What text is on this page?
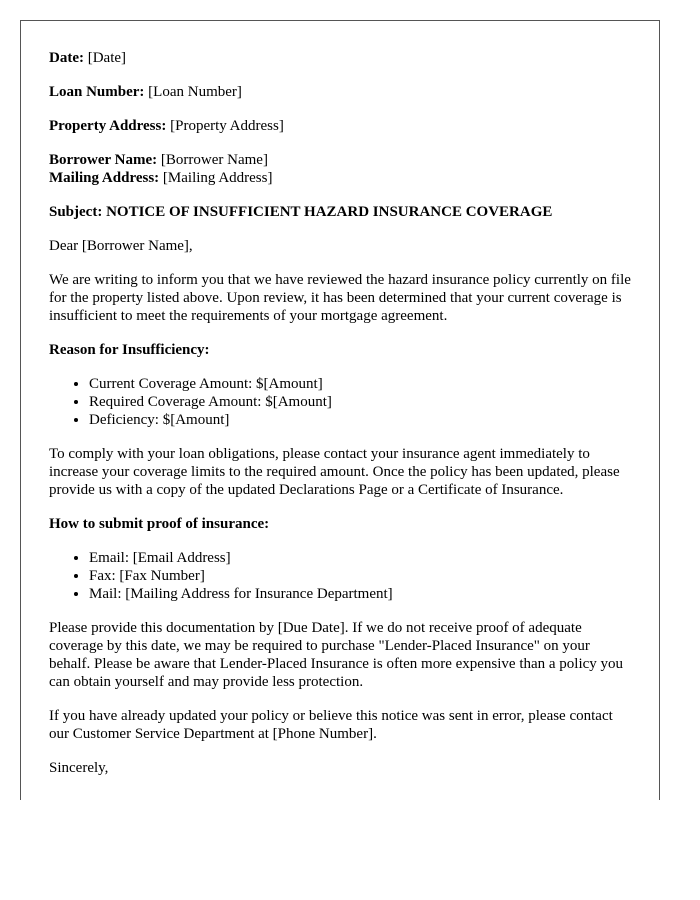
Date: [Date]

Loan Number: [Loan Number]

Property Address: [Property Address]

Borrower Name: [Borrower Name]
Mailing Address: [Mailing Address]

Subject: NOTICE OF INSUFFICIENT HAZARD INSURANCE COVERAGE

Dear [Borrower Name],

We are writing to inform you that we have reviewed the hazard insurance policy currently on file for the property listed above. Upon review, it has been determined that your current coverage is insufficient to meet the requirements of your mortgage agreement.

Reason for Insufficiency:

• Current Coverage Amount: $[Amount]
• Required Coverage Amount: $[Amount]
• Deficiency: $[Amount]

To comply with your loan obligations, please contact your insurance agent immediately to increase your coverage limits to the required amount. Once the policy has been updated, please provide us with a copy of the updated Declarations Page or a Certificate of Insurance.

How to submit proof of insurance:

• Email: [Email Address]
• Fax: [Fax Number]
• Mail: [Mailing Address for Insurance Department]

Please provide this documentation by [Due Date]. If we do not receive proof of adequate coverage by this date, we may be required to purchase "Lender-Placed Insurance" on your behalf. Please be aware that Lender-Placed Insurance is often more expensive than a policy you can obtain yourself and may provide less protection.

If you have already updated your policy or believe this notice was sent in error, please contact our Customer Service Department at [Phone Number].

Sincerely,
